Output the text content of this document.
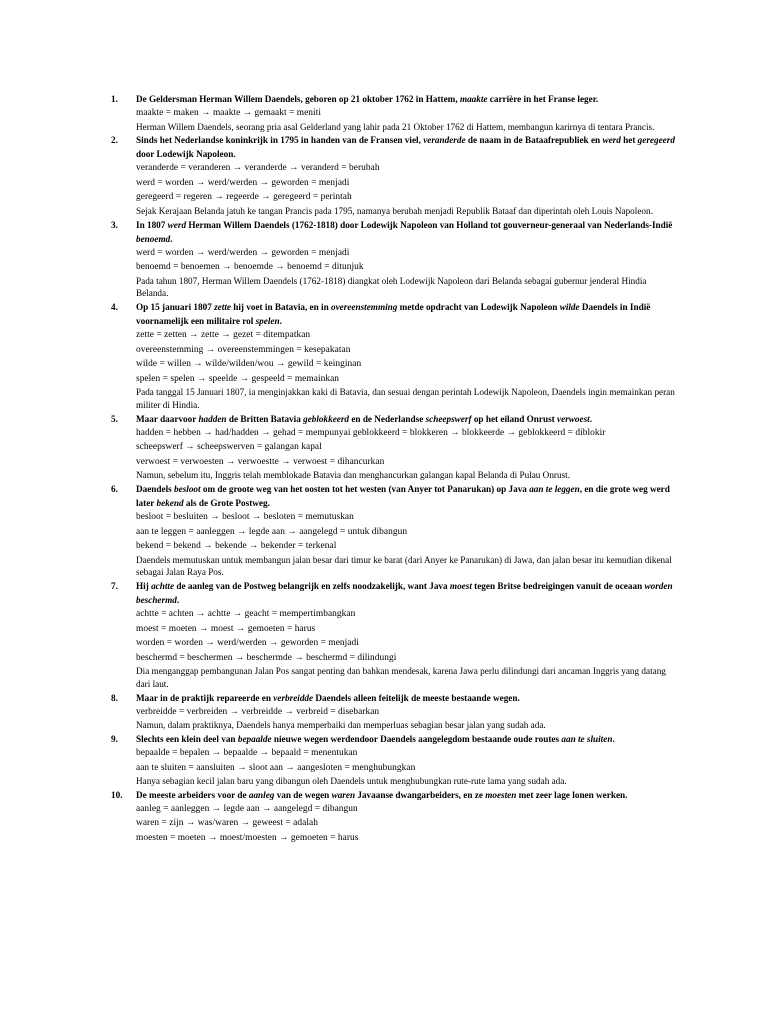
1. De Geldersman Herman Willem Daendels, geboren op 21 oktober 1762 in Hattem, maakte carrière in het Franse leger.

maakte = maken → maakte → gemaakt = meniti

Herman Willem Daendels, seorang pria asal Gelderland yang lahir pada 21 Oktober 1762 di Hattem, membangun karirnya di tentara Prancis.

2. Sinds het Nederlandse koninkrijk in 1795 in handen van de Fransen viel, veranderde de naam in de Bataafrepubliek en werd het geregeerd door Lodewijk Napoleon.

veranderde = veranderen → veranderde → veranderd = berubah

werd = worden → werd/werden → geworden = menjadi

geregeerd = regeren → regeerde → geregeerd = perintah

Sejak Kerajaan Belanda jatuh ke tangan Prancis pada 1795, namanya berubah menjadi Republik Bataaf dan diperintah oleh Louis Napoleon.

3. In 1807 werd Herman Willem Daendels (1762-1818) door Lodewijk Napoleon van Holland tot gouverneur-generaal van Nederlands-Indië benoemd.

werd = worden → werd/werden → geworden = menjadi

benoemd = benoemen → benoemde → benoemd = ditunjuk

Pada tahun 1807, Herman Willem Daendels (1762-1818) diangkat oleh Lodewijk Napoleon dari Belanda sebagai gubernur jenderal Hindia Belanda.

4. Op 15 januari 1807 zette hij voet in Batavia, en in overeenstemming metde opdracht van Lodewijk Napoleon wilde Daendels in Indië voornamelijk een militaire rol spelen.

zette = zetten → zette → gezet = ditempatkan

overeenstemming → overeenstemmingen = kesepakatan

wilde = willen → wilde/wilden/wou → gewild = keinginan

spelen = spelen → speelde → gespeeld = memainkan

Pada tanggal 15 Januari 1807, ia menginjakkan kaki di Batavia, dan sesuai dengan perintah Lodewijk Napoleon, Daendels ingin memainkan peran militer di Hindia.

5. Maar daarvoor hadden de Britten Batavia geblokkeerd en de Nederlandse scheepswerf op het eiland Onrust verwoest.

hadden = hebben → had/hadden → gehad = mempunyai geblokkeerd = blokkeren → blokkeerde → geblokkeerd = diblokir

scheepswerf → scheepswerven = galangan kapal

verwoest = verwoesten → verwoestte → verwoest = dihancurkan

Namun, sebelum itu, Inggris telah memblokade Batavia dan menghancurkan galangan kapal Belanda di Pulau Onrust.

6. Daendels besloot om de groote weg van het oosten tot het westen (van Anyer tot Panarukan) op Java aan te leggen, en die grote weg werd later bekend als de Grote Postweg.

besloot = besluiten → besloot → besloten = memutuskan

aan te leggen = aanleggen → legde aan → aangelegd = untuk dibangun

bekend = bekend → bekende → bekender = terkenal

Daendels memutuskan untuk membangun jalan besar dari timur ke barat (dari Anyer ke Panarukan) di Jawa, dan jalan besar itu kemudian dikenal sebagai Jalan Raya Pos.

7. Hij achtte de aanleg van de Postweg belangrijk en zelfs noodzakelijk, want Java moest tegen Britse bedreigingen vanuit de oceaan worden beschermd.

achtte = achten → achtte → geacht = mempertimbangkan

moest = moeten → moest → gemoeten = harus

worden = worden → werd/werden → geworden = menjadi

beschermd = beschermen → beschermde → beschermd = dilindungi

Dia menganggap pembangunan Jalan Pos sangat penting dan bahkan mendesak, karena Jawa perlu dilindungi dari ancaman Inggris yang datang dari laut.

8. Maar in de praktijk repareerde en verbreidde Daendels alleen feitelijk de meeste bestaande wegen.

verbreidde = verbreiden → verbreidde → verbreid = disebarkan

Namun, dalam praktiknya, Daendels hanya memperbaiki dan memperluas sebagian besar jalan yang sudah ada.

9. Slechts een klein deel van bepaalde nieuwe wegen werdendoor Daendels aangelegdom bestaande oude routes aan te sluiten.

bepaalde = bepalen → bepaalde → bepaald = menentukan

aan te sluiten = aansluiten → sloot aan → aangesloten = menghubungkan

Hanya sebagian kecil jalan baru yang dibangun oleh Daendels untuk menghubungkan rute-rute lama yang sudah ada.

10. De meeste arbeiders voor de aanleg van de wegen waren Javaanse dwangarbeiders, en ze moesten met zeer lage lonen werken.

aanleg = aanleggen → legde aan → aangelegd = dibangun

waren = zijn → was/waren → geweest = adalah

moesten = moeten → moest/moesten → gemoeten = harus
